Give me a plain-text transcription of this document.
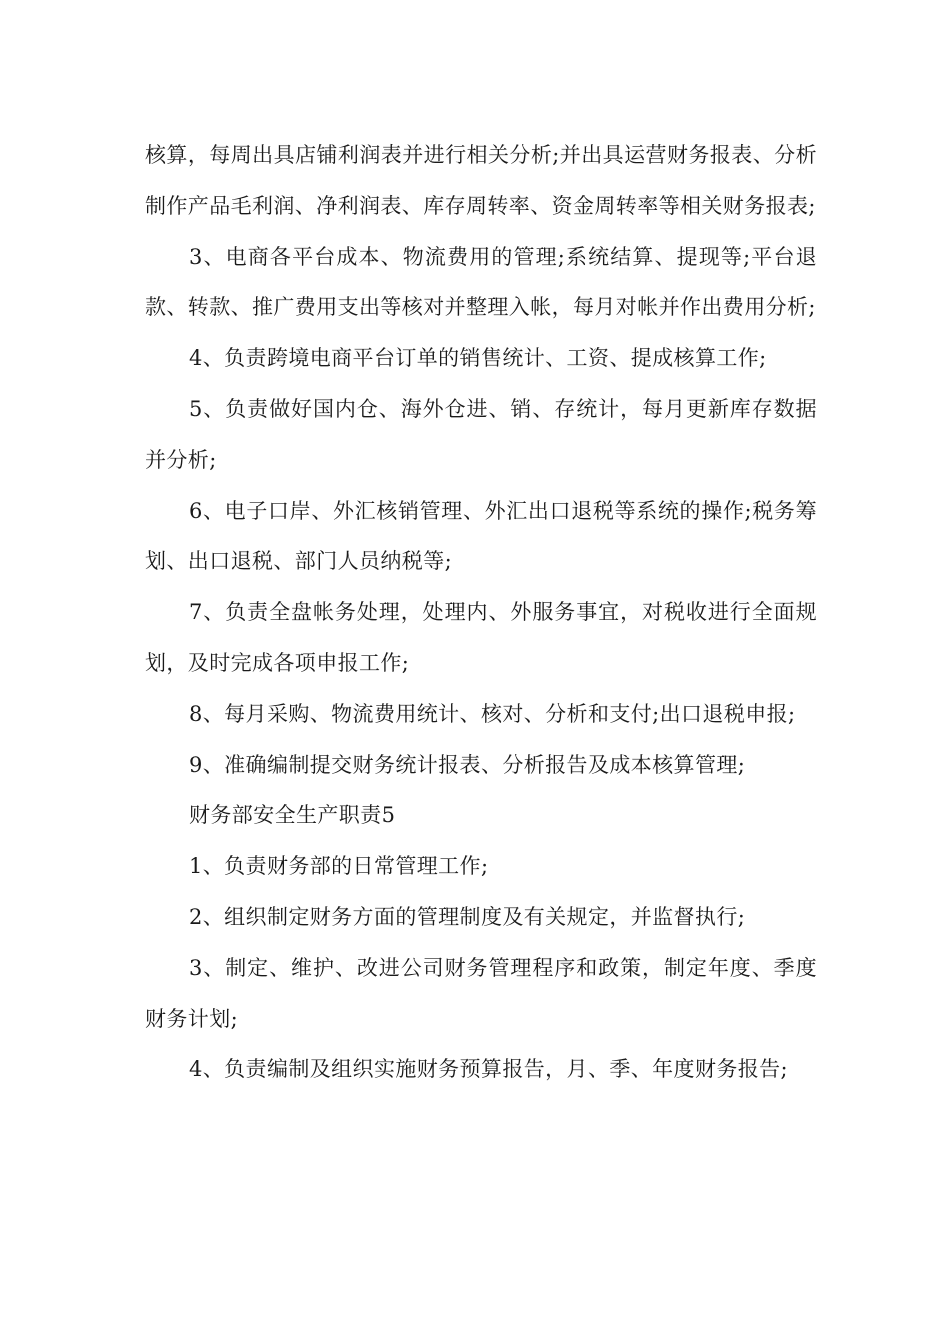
核算，每周出具店铺利润表并进行相关分析;并出具运营财务报表、分析制作产品毛利润、净利润表、库存周转率、资金周转率等相关财务报表;

3、电商各平台成本、物流费用的管理;系统结算、提现等;平台退款、转款、推广费用支出等核对并整理入帐，每月对帐并作出费用分析;

4、负责跨境电商平台订单的销售统计、工资、提成核算工作;

5、负责做好国内仓、海外仓进、销、存统计，每月更新库存数据并分析;

6、电子口岸、外汇核销管理、外汇出口退税等系统的操作;税务筹划、出口退税、部门人员纳税等;

7、负责全盘帐务处理，处理内、外服务事宜，对税收进行全面规划，及时完成各项申报工作;

8、每月采购、物流费用统计、核对、分析和支付;出口退税申报;

9、准确编制提交财务统计报表、分析报告及成本核算管理;

财务部安全生产职责5

1、负责财务部的日常管理工作;

2、组织制定财务方面的管理制度及有关规定，并监督执行;

3、制定、维护、改进公司财务管理程序和政策，制定年度、季度财务计划;

4、负责编制及组织实施财务预算报告，月、季、年度财务报告;
